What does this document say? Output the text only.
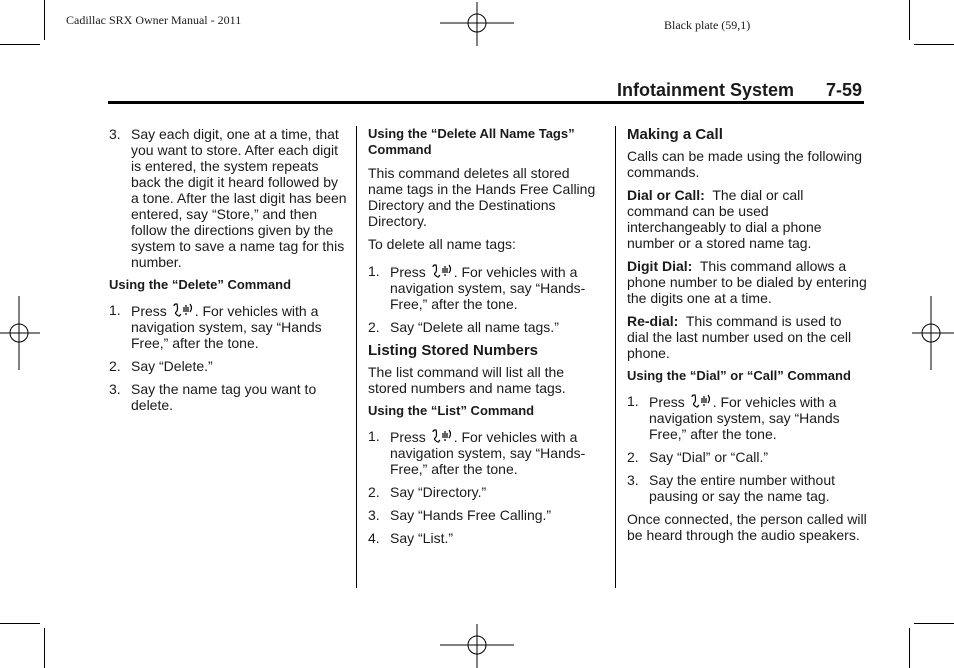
Cadillac SRX Owner Manual - 2011	Black plate (59,1)
Infotainment System 7-59
3. Say each digit, one at a time, that you want to store. After each digit is entered, the system repeats back the digit it heard followed by a tone. After the last digit has been entered, say “Store,” and then follow the directions given by the system to save a name tag for this number.

Using the “Delete” Command

1. Press . For vehicles with a navigation system, say “Hands Free,” after the tone.
2. Say “Delete.”
3. Say the name tag you want to delete.

Using the “Delete All Name Tags” Command

This command deletes all stored name tags in the Hands Free Calling Directory and the Destinations Directory.

To delete all name tags:

1. Press . For vehicles with a navigation system, say “Hands-Free,” after the tone.
2. Say “Delete all name tags.”

Listing Stored Numbers

The list command will list all the stored numbers and name tags.

Using the “List” Command

1. Press . For vehicles with a navigation system, say “Hands-Free,” after the tone.
2. Say “Directory.”
3. Say “Hands Free Calling.”
4. Say “List.”

Making a Call

Calls can be made using the following commands.

Dial or Call: The dial or call command can be used interchangeably to dial a phone number or a stored name tag.

Digit Dial: This command allows a phone number to be dialed by entering the digits one at a time.

Re-dial: This command is used to dial the last number used on the cell phone.

Using the “Dial” or “Call” Command

1. Press . For vehicles with a navigation system, say “Hands Free,” after the tone.
2. Say “Dial” or “Call.”
3. Say the entire number without pausing or say the name tag.

Once connected, the person called will be heard through the audio speakers.
